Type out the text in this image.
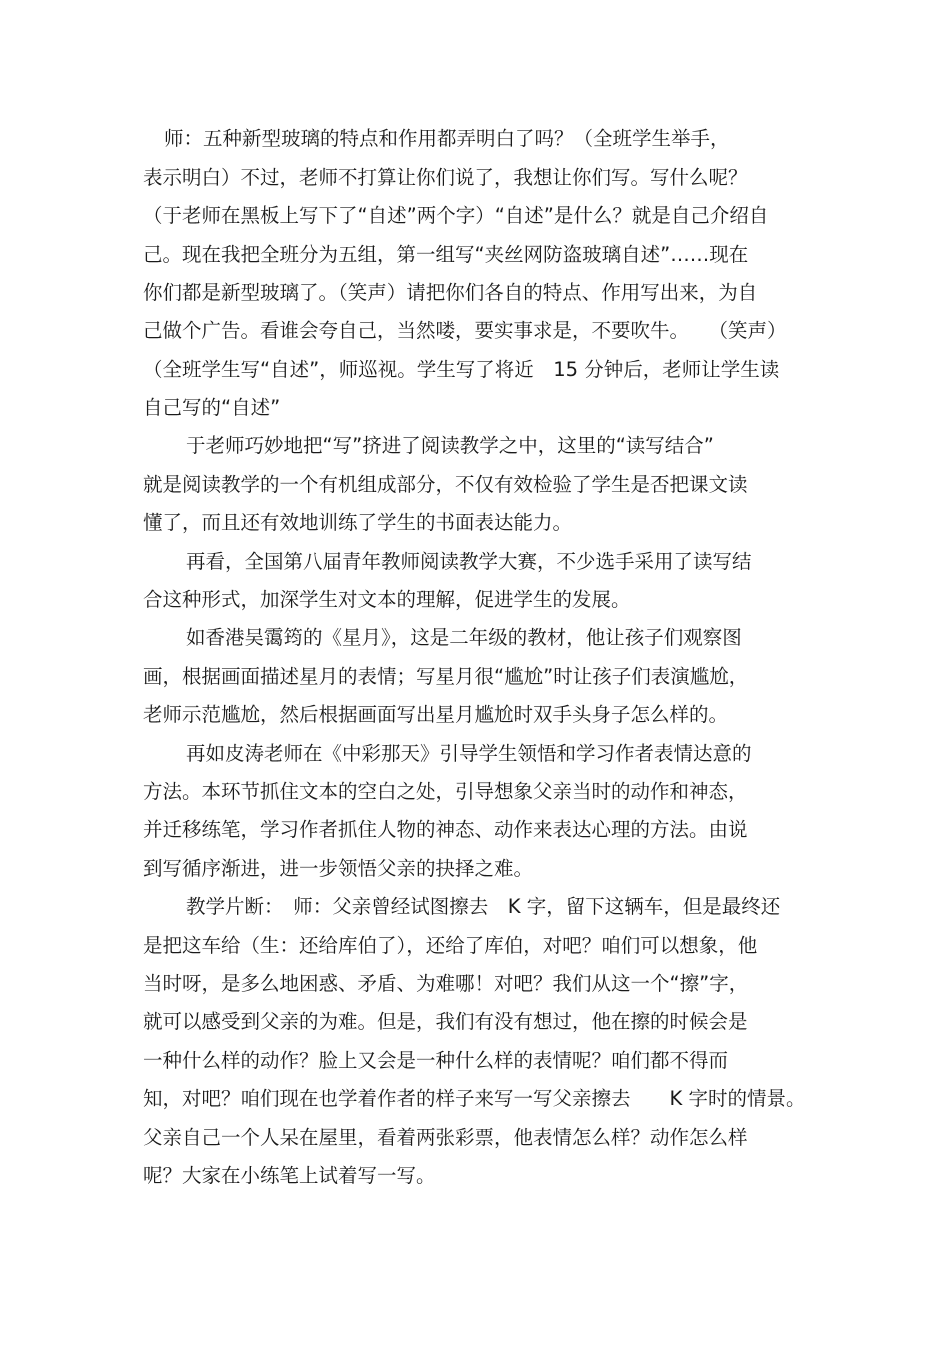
师：五种新型玻璃的特点和作用都弄明白了吗？（全班学生举手，
表示明白）不过，老师不打算让你们说了，我想让你们写。写什么呢？
（于老师在黑板上写下了“自述”两个字）“自述”是什么？就是自己介绍自
己。现在我把全班分为五组，第一组写“夹丝网防盗玻璃自述”……现在
你们都是新型玻璃了。（笑声）请把你们各自的特点、作用写出来，为自
己做个广告。看谁会夸自己，当然喽，要实事求是，不要吹牛。　　（笑声）
（全班学生写“自述”，师巡视。学生写了将近　15 分钟后，老师让学生读
自己写的“自述”
于老师巧妙地把“写”挤进了阅读教学之中，这里的“读写结合”
就是阅读教学的一个有机组成部分，不仅有效检验了学生是否把课文读
懂了，而且还有效地训练了学生的书面表达能力。
再看，全国第八届青年教师阅读教学大赛，不少选手采用了读写结
合这种形式，加深学生对文本的理解，促进学生的发展。
如香港吴霭筠的《星月》，这是二年级的教材，他让孩子们观察图
画，根据画面描述星月的表情；写星月很“尴尬”时让孩子们表演尴尬，
老师示范尴尬，然后根据画面写出星月尴尬时双手头身子怎么样的。
再如皮涛老师在《中彩那天》引导学生领悟和学习作者表情达意的
方法。本环节抓住文本的空白之处，引导想象父亲当时的动作和神态，
并迁移练笔，学习作者抓住人物的神态、动作来表达心理的方法。由说
到写循序渐进，进一步领悟父亲的抉择之难。
教学片断：　师：父亲曾经试图擦去　K 字，留下这辆车，但是最终还
是把这车给（生：还给库伯了），还给了库伯，对吧？咱们可以想象，他
当时呀，是多么地困惑、矛盾、为难哪！对吧？我们从这一个“擦”字，
就可以感受到父亲的为难。但是，我们有没有想过，他在擦的时候会是
一种什么样的动作？脸上又会是一种什么样的表情呢？咱们都不得而
知，对吧？咱们现在也学着作者的样子来写一写父亲擦去　　K 字时的情景。
父亲自己一个人呆在屋里，看着两张彩票，他表情怎么样？动作怎么样
呢？大家在小练笔上试着写一写。
